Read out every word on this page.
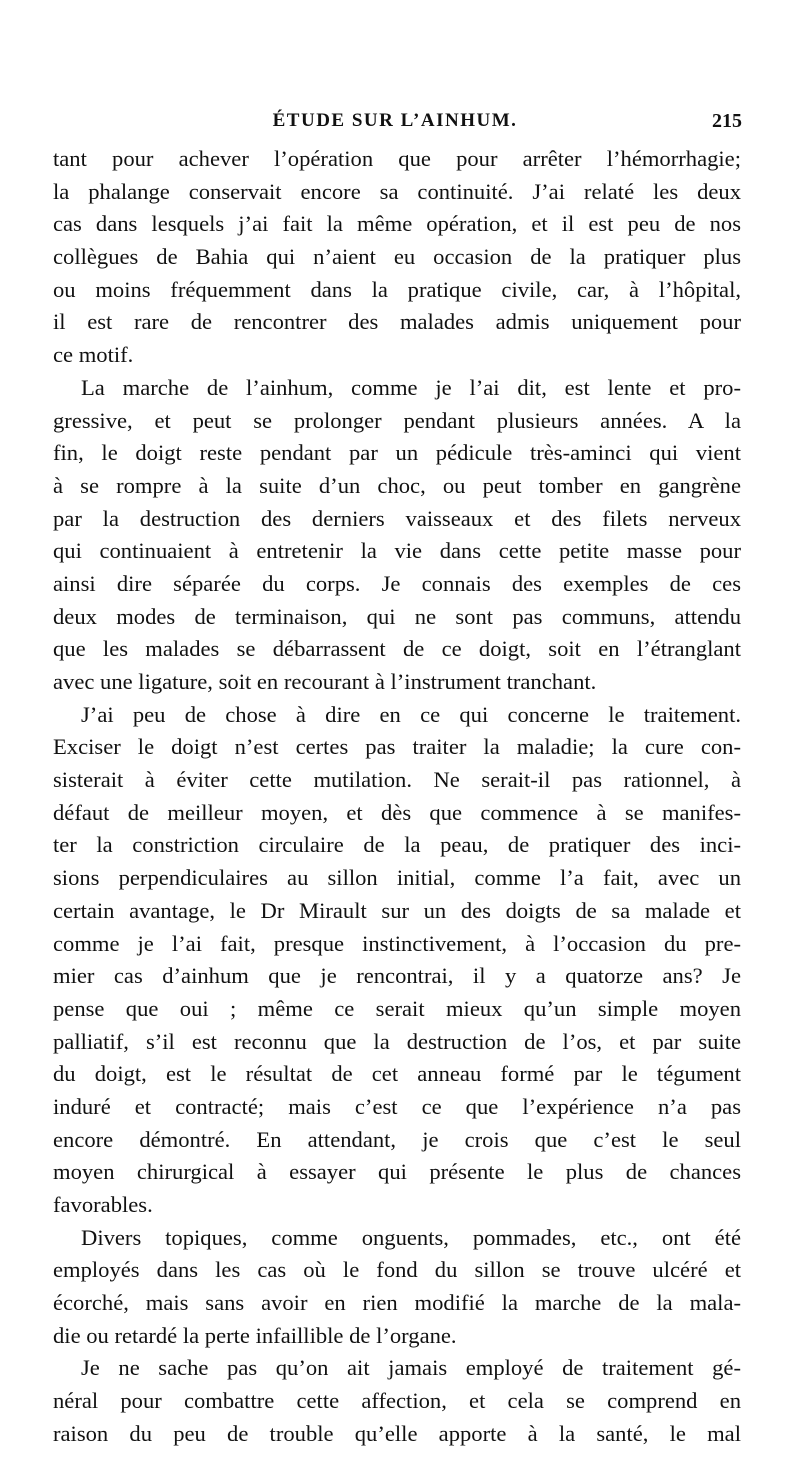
ÉTUDE SUR L’AINHUM.	215
tant pour achever l’opération que pour arrêter l’hémorrhagie;
la phalange conservait encore sa continuité. J’ai relaté les deux
cas dans lesquels j’ai fait la même opération, et il est peu de nos
collègues de Bahia qui n’aient eu occasion de la pratiquer plus
ou moins fréquemment dans la pratique civile, car, à l’hôpital,
il est rare de rencontrer des malades admis uniquement pour
ce motif.
La marche de l’ainhum, comme je l’ai dit, est lente et pro-
gressive, et peut se prolonger pendant plusieurs années. A la
fin, le doigt reste pendant par un pédicule très-aminci qui vient
à se rompre à la suite d’un choc, ou peut tomber en gangrène
par la destruction des derniers vaisseaux et des filets nerveux
qui continuaient à entretenir la vie dans cette petite masse pour
ainsi dire séparée du corps. Je connais des exemples de ces
deux modes de terminaison, qui ne sont pas communs, attendu
que les malades se débarrassent de ce doigt, soit en l’étranglant
avec une ligature, soit en recourant à l’instrument tranchant.
J’ai peu de chose à dire en ce qui concerne le traitement.
Exciser le doigt n’est certes pas traiter la maladie; la cure con-
sisterait à éviter cette mutilation. Ne serait-il pas rationnel, à
défaut de meilleur moyen, et dès que commence à se manifes-
ter la constriction circulaire de la peau, de pratiquer des inci-
sions perpendiculaires au sillon initial, comme l’a fait, avec un
certain avantage, le Dr Mirault sur un des doigts de sa malade et
comme je l’ai fait, presque instinctivement, à l’occasion du pre-
mier cas d’ainhum que je rencontrai, il y a quatorze ans? Je
pense que oui ; même ce serait mieux qu’un simple moyen
palliatif, s’il est reconnu que la destruction de l’os, et par suite
du doigt, est le résultat de cet anneau formé par le tégument
induré et contracté; mais c’est ce que l’expérience n’a pas
encore démontré. En attendant, je crois que c’est le seul
moyen chirurgical à essayer qui présente le plus de chances
favorables.
Divers topiques, comme onguents, pommades, etc., ont été
employés dans les cas où le fond du sillon se trouve ulcéré et
écorché, mais sans avoir en rien modifié la marche de la mala-
die ou retardé la perte infaillible de l’organe.
Je ne sache pas qu’on ait jamais employé de traitement gé-
néral pour combattre cette affection, et cela se comprend en
raison du peu de trouble qu’elle apporte à la santé, le mal
